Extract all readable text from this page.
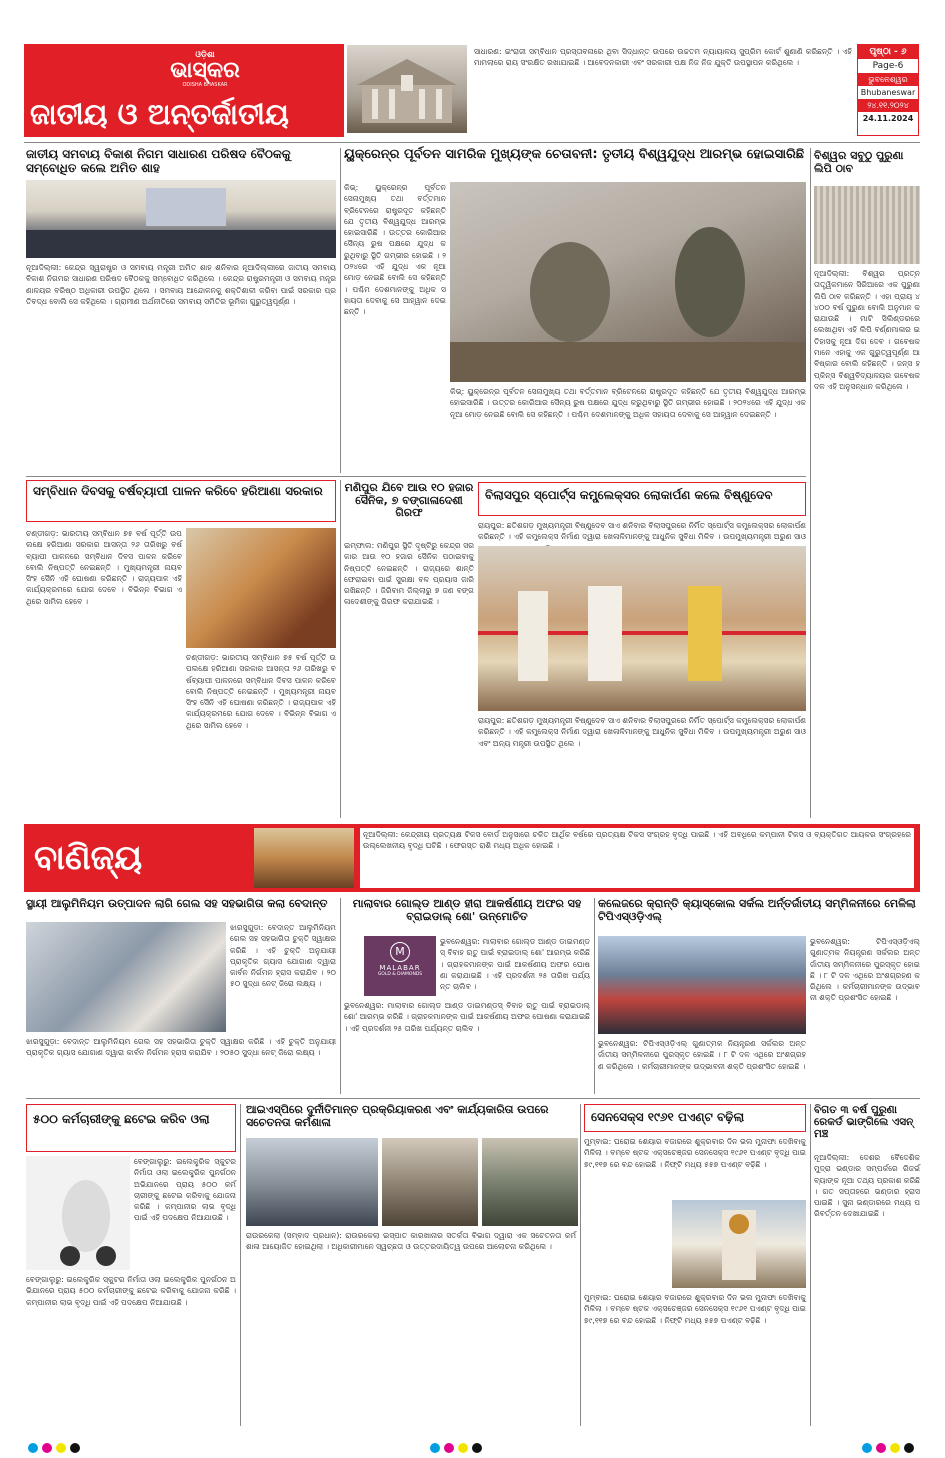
ଓଡ଼ିଶା
ଭାସ୍କର
ODISHA BHASKAR
ଜାତୀୟ ଓ ଅନ୍ତର୍ଜାତୀୟ
ସାଧାରଣ: ଇଂରାଜୀ ସମ୍ବିଧାନ ପ୍ରସ୍ତାବନାରେ ଥିବା ସିଦ୍ଧାନ୍ତ ଉପରେ ଉଚ୍ଚତମ ନ୍ୟାୟାଳୟ ସୁପ୍ରିମ କୋର୍ଟ ଶୁଣାଣି କରିଛନ୍ତି । ଏହି ମାମଲାରେ ରାୟ ସଂରକ୍ଷିତ ରଖାଯାଇଛି । ଆବେଦନକାରୀ ଏବଂ ସରକାରୀ ପକ୍ଷ ନିଜ ନିଜ ଯୁକ୍ତି ଉପସ୍ଥାପନ କରିଥିଲେ ।
ପୃଷ୍ଠା - ୬
Page-6
ଭୁବନେଶ୍ୱର
Bhubaneswar
୨୪.୧୧.୨୦୨୪
24.11.2024
ଜାତୀୟ ସମବାୟ ବିକାଶ ନିଗମ ସାଧାରଣ ପରିଷଦ ବୈଠକକୁ ସମ୍ବୋଧିତ କଲେ ଅମିତ ଶାହ
ନୂଆଦିଲ୍ଲୀ: କେନ୍ଦ୍ର ସ୍ୱରାଷ୍ଟ୍ର ଓ ସମବାୟ ମନ୍ତ୍ରୀ ଅମିତ ଶାହ ଶନିବାର ନୂଆଦିଲ୍ଲୀରେ ଜାତୀୟ ସମବାୟ ବିକାଶ ନିଗମର ସାଧାରଣ ପରିଷଦ ବୈଠକକୁ ସମ୍ବୋଧିତ କରିଥିଲେ । କେନ୍ଦ୍ର ରାଷ୍ଟ୍ରମନ୍ତ୍ରୀ ଓ ସମବାୟ ମନ୍ତ୍ରଣାଳୟର ବରିଷ୍ଠ ଅଧିକାରୀ ଉପସ୍ଥିତ ଥିଲେ । ସମବାୟ ଆନ୍ଦୋଳନକୁ ଶକ୍ତିଶାଳୀ କରିବା ପାଇଁ ସରକାର ପ୍ରତିବଦ୍ଧ ବୋଲି ସେ କହିଥିଲେ । ଗ୍ରାମୀଣ ଅର୍ଥନୀତିରେ ସମବାୟ ସମିତିର ଭୂମିକା ଗୁରୁତ୍ୱପୂର୍ଣ୍ଣ ।
ୟୁକ୍ରେନ୍‌ର ପୂର୍ବତନ ସାମରିକ ମୁଖ୍ୟଙ୍କ ଚେତାବନୀ: ତୃତୀୟ ବିଶ୍ୱଯୁଦ୍ଧ ଆରମ୍ଭ ହୋଇସାରିଛି
କିଭ୍: ୟୁକ୍ରେନ୍‌ର ପୂର୍ବତନ ସେନାମୁଖ୍ୟ ତଥା ବର୍ତ୍ତମାନ ବ୍ରିଟେନରେ ରାଷ୍ଟ୍ରଦୂତ କହିଛନ୍ତି ଯେ ତୃତୀୟ ବିଶ୍ୱଯୁଦ୍ଧ ଆରମ୍ଭ ହୋଇସାରିଛି । ଉତ୍ତର କୋରିଆର ସୈନ୍ୟ ରୁଷ ପକ୍ଷରେ ଯୁଦ୍ଧ କରୁଥିବାରୁ ସ୍ଥିତି ଗମ୍ଭୀର ହୋଇଛି । ୨୦୨୪ରେ ଏହି ଯୁଦ୍ଧ ଏକ ନୂଆ ମୋଡ଼ ନେଇଛି ବୋଲି ସେ କହିଛନ୍ତି । ପଶ୍ଚିମ ଦେଶମାନଙ୍କୁ ଅଧିକ ସହାୟତା ଦେବାକୁ ସେ ଆହ୍ୱାନ ଦେଇଛନ୍ତି ।
କିଭ୍: ୟୁକ୍ରେନ୍‌ର ପୂର୍ବତନ ସେନାମୁଖ୍ୟ ତଥା ବର୍ତ୍ତମାନ ବ୍ରିଟେନରେ ରାଷ୍ଟ୍ରଦୂତ କହିଛନ୍ତି ଯେ ତୃତୀୟ ବିଶ୍ୱଯୁଦ୍ଧ ଆରମ୍ଭ ହୋଇସାରିଛି । ଉତ୍ତର କୋରିଆର ସୈନ୍ୟ ରୁଷ ପକ୍ଷରେ ଯୁଦ୍ଧ କରୁଥିବାରୁ ସ୍ଥିତି ଗମ୍ଭୀର ହୋଇଛି । ୨୦୨୪ରେ ଏହି ଯୁଦ୍ଧ ଏକ ନୂଆ ମୋଡ଼ ନେଇଛି ବୋଲି ସେ କହିଛନ୍ତି । ପଶ୍ଚିମ ଦେଶମାନଙ୍କୁ ଅଧିକ ସହାୟତା ଦେବାକୁ ସେ ଆହ୍ୱାନ ଦେଇଛନ୍ତି ।
ବିଶ୍ୱର ସବୁଠୁ ପୁରୁଣା ଲିପି ଠାବ
ନୂଆଦିଲ୍ଲୀ: ବିଶ୍ୱର ପ୍ରତ୍ନତାତ୍ତ୍ୱିକମାନେ ସିରିଆରେ ଏକ ପୁରୁଣା ଲିପି ଠାବ କରିଛନ୍ତି । ଏହା ପ୍ରାୟ ୪୪୦୦ ବର୍ଷ ପୁରୁଣା ବୋଲି ଅନୁମାନ କରାଯାଉଛି । ମାଟି ସିଲିଣ୍ଡରରେ ଲେଖାଥିବା ଏହି ଲିପି ବର୍ଣ୍ଣମାଳାର ଇତିହାସକୁ ନୂଆ ଦିଗ ଦେବ । ଗବେଷକମାନେ ଏହାକୁ ଏକ ଗୁରୁତ୍ୱପୂର୍ଣ୍ଣ ଆବିଷ୍କାର ବୋଲି କହିଛନ୍ତି । ଜନ୍ସ ହପ୍‌କିନ୍ସ ବିଶ୍ୱବିଦ୍ୟାଳୟର ଗବେଷକ ଦଳ ଏହି ଅନୁସନ୍ଧାନ କରିଥିଲେ ।
ସମ୍ବିଧାନ ଦିବସକୁ ବର୍ଷବ୍ୟାପୀ ପାଳନ କରିବେ ହରିଆଣା ସରକାର
ଚଣ୍ଡୀଗଡ଼: ଭାରତୀୟ ସମ୍ବିଧାନ ୭୫ ବର୍ଷ ପୂର୍ତ୍ତି ଉପଲକ୍ଷେ ହରିଆଣା ସରକାର ଆସନ୍ତା ୨୬ ତାରିଖରୁ ବର୍ଷବ୍ୟାପୀ ପାଳନରେ ସମ୍ବିଧାନ ଦିବସ ପାଳନ କରିବେ ବୋଲି ନିଷ୍ପତ୍ତି ନେଇଛନ୍ତି । ମୁଖ୍ୟମନ୍ତ୍ରୀ ନାୟବ ସିଂହ ସୈନି ଏହି ଘୋଷଣା କରିଛନ୍ତି । ରାଜ୍ୟପାଳ ଏହି କାର୍ଯ୍ୟକ୍ରମରେ ଯୋଗ ଦେବେ । ବିଭିନ୍ନ ବିଭାଗ ଏଥିରେ ସାମିଲ ହେବେ ।
ଚଣ୍ଡୀଗଡ଼: ଭାରତୀୟ ସମ୍ବିଧାନ ୭୫ ବର୍ଷ ପୂର୍ତ୍ତି ଉପଲକ୍ଷେ ହରିଆଣା ସରକାର ଆସନ୍ତା ୨୬ ତାରିଖରୁ ବର୍ଷବ୍ୟାପୀ ପାଳନରେ ସମ୍ବିଧାନ ଦିବସ ପାଳନ କରିବେ ବୋଲି ନିଷ୍ପତ୍ତି ନେଇଛନ୍ତି । ମୁଖ୍ୟମନ୍ତ୍ରୀ ନାୟବ ସିଂହ ସୈନି ଏହି ଘୋଷଣା କରିଛନ୍ତି । ରାଜ୍ୟପାଳ ଏହି କାର୍ଯ୍ୟକ୍ରମରେ ଯୋଗ ଦେବେ । ବିଭିନ୍ନ ବିଭାଗ ଏଥିରେ ସାମିଲ ହେବେ ।
ମଣିପୁର ଯିବେ ଆଉ ୧୦ ହଜାର ସୈନିକ, ୭ ବଙ୍ଗାଳାଦେଶୀ ଗିରଫ
ଇମ୍ଫାଲ: ମଣିପୁର ସ୍ଥିତି ଦୃଷ୍ଟିରୁ କେନ୍ଦ୍ର ସରକାର ଆଉ ୧୦ ହଜାର ସୈନିକ ପଠାଇବାକୁ ନିଷ୍ପତ୍ତି ନେଇଛନ୍ତି । ରାଜ୍ୟରେ ଶାନ୍ତି ଫେରାଇବା ପାଇଁ ସୁରକ୍ଷା ବଳ ପ୍ରୟାସ ଜାରି ରଖିଛନ୍ତି । ଜିରିବାମ ଜିଲ୍ଲାରୁ ୭ ଜଣ ବଙ୍ଗଳାଦେଶୀଙ୍କୁ ଗିରଫ କରାଯାଇଛି ।
ବିଲାସପୁର ସ୍ପୋର୍ଟ୍ସ କମ୍ପ୍ଲେକ୍ସର ଲୋକାର୍ପଣ କଲେ ବିଷ୍ଣୁଦେବ
ରାୟପୁର: ଛତିଶଗଡ଼ ମୁଖ୍ୟମନ୍ତ୍ରୀ ବିଷ୍ଣୁଦେବ ସାଏ ଶନିବାର ବିଲାସପୁରରେ ନିର୍ମିତ ସ୍ପୋର୍ଟ୍ସ କମ୍ପ୍ଲେକ୍ସର ଲୋକାର୍ପଣ କରିଛନ୍ତି । ଏହି କମ୍ପ୍ଲେକ୍ସ ନିର୍ମାଣ ଦ୍ୱାରା ଖେଳାଳିମାନଙ୍କୁ ଆଧୁନିକ ସୁବିଧା ମିଳିବ । ଉପମୁଖ୍ୟମନ୍ତ୍ରୀ ଅରୁଣ ସାଓ
ରାୟପୁର: ଛତିଶଗଡ଼ ମୁଖ୍ୟମନ୍ତ୍ରୀ ବିଷ୍ଣୁଦେବ ସାଏ ଶନିବାର ବିଲାସପୁରରେ ନିର୍ମିତ ସ୍ପୋର୍ଟ୍ସ କମ୍ପ୍ଲେକ୍ସର ଲୋକାର୍ପଣ କରିଛନ୍ତି । ଏହି କମ୍ପ୍ଲେକ୍ସ ନିର୍ମାଣ ଦ୍ୱାରା ଖେଳାଳିମାନଙ୍କୁ ଆଧୁନିକ ସୁବିଧା ମିଳିବ । ଉପମୁଖ୍ୟମନ୍ତ୍ରୀ ଅରୁଣ ସାଓ ଏବଂ ଅନ୍ୟ ମନ୍ତ୍ରୀ ଉପସ୍ଥିତ ଥିଲେ ।
ବାଣିଜ୍ୟ
ନୂଆଦିଲ୍ଲୀ: କେନ୍ଦ୍ରୀୟ ପ୍ରତ୍ୟକ୍ଷ ଟିକସ ବୋର୍ଡ ଅନୁସାରେ ଚଳିତ ଆର୍ଥିକ ବର୍ଷରେ ପ୍ରତ୍ୟକ୍ଷ ଟିକସ ସଂଗ୍ରହ ବୃଦ୍ଧି ପାଇଛି । ଏହି ଅବଧିରେ କମ୍ପାନୀ ଟିକସ ଓ ବ୍ୟକ୍ତିଗତ ଆୟକର ସଂଗ୍ରହରେ ଉଲ୍ଲେଖନୀୟ ବୃଦ୍ଧି ଘଟିଛି । ଫେରସ୍ତ ରାଶି ମଧ୍ୟ ଅଧିକ ହୋଇଛି ।
ସ୍ଥାୟୀ ଆଲୁମିନିୟମ ଉତ୍ପାଦନ ଲାଗି ଗେଲ ସହ ସହଭାଗିତା କଲା ବେଦାନ୍ତ
ଝାରସୁଗୁଡ଼ା: ବେଦାନ୍ତ ଆଲୁମିନିୟମ ଗେଲ ସହ ସହଭାଗିତା ଚୁକ୍ତି ସ୍ୱାକ୍ଷର କରିଛି । ଏହି ଚୁକ୍ତି ଅନୁଯାୟୀ ପ୍ରାକୃତିକ ଗ୍ୟାସ ଯୋଗାଣ ଦ୍ୱାରା କାର୍ବନ ନିର୍ଗମନ ହ୍ରାସ କରାଯିବ । ୨୦୫୦ ସୁଦ୍ଧା ନେଟ୍ ଜିରୋ ଲକ୍ଷ୍ୟ ।
ଝାରସୁଗୁଡ଼ା: ବେଦାନ୍ତ ଆଲୁମିନିୟମ ଗେଲ ସହ ସହଭାଗିତା ଚୁକ୍ତି ସ୍ୱାକ୍ଷର କରିଛି । ଏହି ଚୁକ୍ତି ଅନୁଯାୟୀ ପ୍ରାକୃତିକ ଗ୍ୟାସ ଯୋଗାଣ ଦ୍ୱାରା କାର୍ବନ ନିର୍ଗମନ ହ୍ରାସ କରାଯିବ । ୨୦୫୦ ସୁଦ୍ଧା ନେଟ୍ ଜିରୋ ଲକ୍ଷ୍ୟ ।
ମାଲାବାର ଗୋଲ୍ଡ ଆଣ୍ଡ ହୀରା ଆକର୍ଷଣୀୟ ଅଫର ସହ ବ୍ରାଇଡାଲ୍ ଶୋ' ଉନ୍ମୋଚିତ
M
MALABAR
GOLD & DIAMONDS
ଭୁବନେଶ୍ୱର: ମାଲାବାର ଗୋଲ୍ଡ ଆଣ୍ଡ ଡାଇମଣ୍ଡସ୍ ବିବାହ ଋତୁ ପାଇଁ ବ୍ରାଇଡାଲ୍ ଶୋ' ଆରମ୍ଭ କରିଛି । ଗ୍ରାହକମାନଙ୍କ ପାଇଁ ଆକର୍ଷଣୀୟ ଅଫର ଘୋଷଣା କରାଯାଇଛି । ଏହି ପ୍ରଦର୍ଶନୀ ୨୫ ତାରିଖ ପର୍ଯ୍ୟନ୍ତ ଚାଲିବ ।
ଭୁବନେଶ୍ୱର: ମାଲାବାର ଗୋଲ୍ଡ ଆଣ୍ଡ ଡାଇମଣ୍ଡସ୍ ବିବାହ ଋତୁ ପାଇଁ ବ୍ରାଇଡାଲ୍ ଶୋ' ଆରମ୍ଭ କରିଛି । ଗ୍ରାହକମାନଙ୍କ ପାଇଁ ଆକର୍ଷଣୀୟ ଅଫର ଘୋଷଣା କରାଯାଇଛି । ଏହି ପ୍ରଦର୍ଶନୀ ୨୫ ତାରିଖ ପର୍ଯ୍ୟନ୍ତ ଚାଲିବ ।
କଲେଜରେ କ୍ରାନ୍ତି କ୍ୟାସ୍କୋଲ ସର୍କଲ ଅର୍ନ୍ତର୍ଜାତୀୟ ସମ୍ମିଳନୀରେ ମେଳିଲା ଟିପିଏସ୍‌ଓଡ଼ିଏଲ୍
ଭୁବନେଶ୍ୱର: ଟିପିଏସ୍‌ଓଡ଼ିଏଲ୍ ଗୁଣାତ୍ମକ ନିୟନ୍ତ୍ରଣ ସର୍କଲର ଅନ୍ତର୍ଜାତୀୟ ସମ୍ମିଳନୀରେ ପୁରସ୍କୃତ ହୋଇଛି । ୮ ଟି ଦଳ ଏଥିରେ ଅଂଶଗ୍ରହଣ କରିଥିଲେ । କର୍ମଚାରୀମାନଙ୍କ ଉଦ୍ଭାବନୀ ଶକ୍ତି ପ୍ରଶଂସିତ ହୋଇଛି ।
ଭୁବନେଶ୍ୱର: ଟିପିଏସ୍‌ଓଡ଼ିଏଲ୍ ଗୁଣାତ୍ମକ ନିୟନ୍ତ୍ରଣ ସର୍କଲର ଅନ୍ତର୍ଜାତୀୟ ସମ୍ମିଳନୀରେ ପୁରସ୍କୃତ ହୋଇଛି । ୮ ଟି ଦଳ ଏଥିରେ ଅଂଶଗ୍ରହଣ କରିଥିଲେ । କର୍ମଚାରୀମାନଙ୍କ ଉଦ୍ଭାବନୀ ଶକ୍ତି ପ୍ରଶଂସିତ ହୋଇଛି ।
୫୦୦ କର୍ମଚାରୀଙ୍କୁ ଛଟେଇ କରିବ ଓଲା
ବେଙ୍ଗାଲୁରୁ: ଇଲେକ୍ଟ୍ରିକ ସ୍କୁଟର ନିର୍ମାତା ଓଲା ଇଲେକ୍ଟ୍ରିକ ପୁନର୍ଗଠନ ଅଭିଯାନରେ ପ୍ରାୟ ୫୦୦ କର୍ମଚାରୀଙ୍କୁ ଛଟେଇ କରିବାକୁ ଯୋଜନା କରିଛି । କମ୍ପାନୀର ଲାଭ ବୃଦ୍ଧି ପାଇଁ ଏହି ପଦକ୍ଷେପ ନିଆଯାଉଛି ।
ବେଙ୍ଗାଲୁରୁ: ଇଲେକ୍ଟ୍ରିକ ସ୍କୁଟର ନିର୍ମାତା ଓଲା ଇଲେକ୍ଟ୍ରିକ ପୁନର୍ଗଠନ ଅଭିଯାନରେ ପ୍ରାୟ ୫୦୦ କର୍ମଚାରୀଙ୍କୁ ଛଟେଇ କରିବାକୁ ଯୋଜନା କରିଛି । କମ୍ପାନୀର ଲାଭ ବୃଦ୍ଧି ପାଇଁ ଏହି ପଦକ୍ଷେପ ନିଆଯାଉଛି ।
ଆଇଏସ୍‌ପିରେ ଦୁର୍ନୀତିମାନ୍ତ ପ୍ରକ୍ରିୟାକରଣ ଏବଂ କାର୍ଯ୍ୟକାରିତା ଉପରେ ସଚେତନତା କର୍ମଶାଳା
ରାଉରକେଲା (ସମ୍ବାଦ ପ୍ରଧାନ): ରାଉରକେଲା ଇସ୍ପାତ କାରଖାନାର ସତର୍କତା ବିଭାଗ ଦ୍ୱାରା ଏକ ସଚେତନତା କର୍ମଶାଳା ଆୟୋଜିତ ହୋଇଥିଲା । ଅଧିକାରୀମାନେ ସ୍ୱଚ୍ଛତା ଓ ଉତ୍ତରଦାୟିତ୍ୱ ଉପରେ ଆଲୋଚନା କରିଥିଲେ ।
ସେନସେକ୍ସ ୧୯୬୧ ପଏଣ୍ଟ ବଢ଼ିଲା
ମୁମ୍ବାଇ: ଘରୋଇ ଶେୟାର ବଜାରରେ ଶୁକ୍ରବାର ଦିନ ଭଲ ମୁନାଫା ଦେଖିବାକୁ ମିଳିଲା । ବମ୍ବେ ଷ୍ଟକ ଏକ୍ସଚେଞ୍ଜର ସେନସେକ୍ସ ୧୯୬୧ ପଏଣ୍ଟ ବୃଦ୍ଧି ପାଇ ୭୯,୧୧୭ ରେ ବନ୍ଦ ହୋଇଛି । ନିଫ୍ଟି ମଧ୍ୟ ୫୫୭ ପଏଣ୍ଟ ବଢ଼ିଛି ।
ମୁମ୍ବାଇ: ଘରୋଇ ଶେୟାର ବଜାରରେ ଶୁକ୍ରବାର ଦିନ ଭଲ ମୁନାଫା ଦେଖିବାକୁ ମିଳିଲା । ବମ୍ବେ ଷ୍ଟକ ଏକ୍ସଚେଞ୍ଜର ସେନସେକ୍ସ ୧୯୬୧ ପଏଣ୍ଟ ବୃଦ୍ଧି ପାଇ ୭୯,୧୧୭ ରେ ବନ୍ଦ ହୋଇଛି । ନିଫ୍ଟି ମଧ୍ୟ ୫୫୭ ପଏଣ୍ଟ ବଢ଼ିଛି ।
ବିଗତ ୩ ବର୍ଷ ପୁରୁଣା ରେକର୍ଡ ଭାଙ୍ଗିଲେ ଏସନ୍ ମଞ୍ଚ
ନୂଆଦିଲ୍ଲୀ: ଦେଶର ବୈଦେଶିକ ମୁଦ୍ରା ଭଣ୍ଡାର ସମ୍ପର୍କରେ ରିଜର୍ଭ ବ୍ୟାଙ୍କ ନୂଆ ତଥ୍ୟ ପ୍ରକାଶ କରିଛି । ଗତ ସପ୍ତାହରେ ଭଣ୍ଡାର ହ୍ରାସ ପାଇଛି । ସୁନା ଭଣ୍ଡାରରେ ମଧ୍ୟ ପରିବର୍ତ୍ତନ ଦେଖାଯାଇଛି ।
